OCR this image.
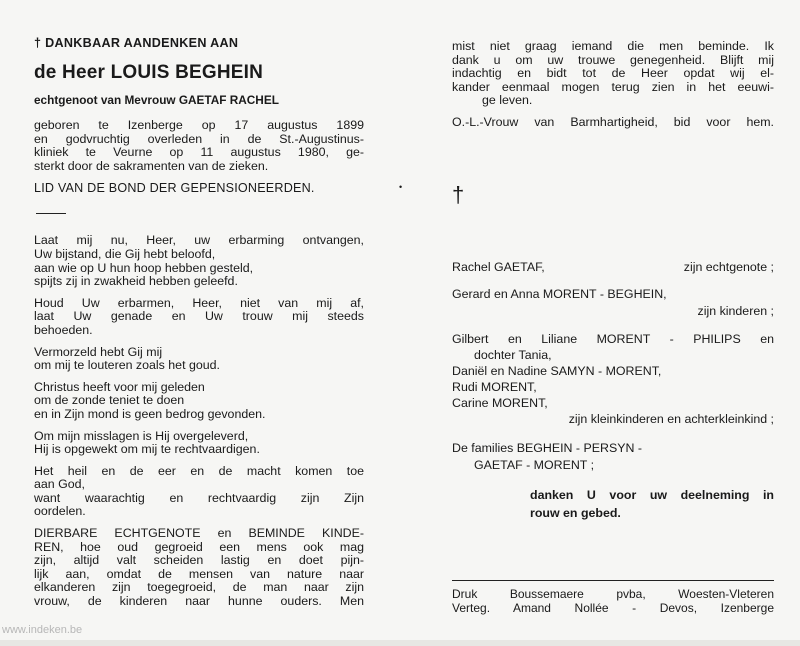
† DANKBAAR AANDENKEN AAN
de Heer LOUIS BEGHEIN
echtgenoot van Mevrouw GAETAF RACHEL
geboren te Izenberge op 17 augustus 1899
en godvruchtig overleden in de St.-Augustinus-
kliniek te Veurne op 11 augustus 1980, ge-
sterkt door de sakramenten van de zieken.
LID VAN DE BOND DER GEPENSIONEERDEN.
Laat mij nu, Heer, uw erbarming ontvangen,
Uw bijstand, die Gij hebt beloofd,
aan wie op U hun hoop hebben gesteld,
spijts zij in zwakheid hebben geleefd.
Houd Uw erbarmen, Heer, niet van mij af,
laat Uw genade en Uw trouw mij steeds
behoeden.
Vermorzeld hebt Gij mij
om mij te louteren zoals het goud.
Christus heeft voor mij geleden
om de zonde teniet te doen
en in Zijn mond is geen bedrog gevonden.
Om mijn misslagen is Hij overgeleverd,
Hij is opgewekt om mij te rechtvaardigen.
Het heil en de eer en de macht komen toe
aan God,
want waarachtig en rechtvaardig zijn Zijn
oordelen.
DIERBARE ECHTGENOTE en BEMINDE KINDE-
REN, hoe oud gegroeid een mens ook mag
zijn, altijd valt scheiden lastig en doet pijn-
lijk aan, omdat de mensen van nature naar
elkanderen zijn toegegroeid, de man naar zijn
vrouw, de kinderen naar hunne ouders. Men
•
mist niet graag iemand die men beminde. Ik
dank u om uw trouwe genegenheid. Blijft mij
indachtig en bidt tot de Heer opdat wij el-
kander eenmaal mogen terug zien in het eeuwi-
ge leven.
O.-L.-Vrouw van Barmhartigheid, bid voor hem.
†
Rachel GAETAF,	zijn echtgenote ;
Gerard en Anna MORENT - BEGHEIN,
zijn kinderen ;
Gilbert en Liliane MORENT - PHILIPS en
dochter Tania,
Daniël en Nadine SAMYN - MORENT,
Rudi MORENT,
Carine MORENT,
zijn kleinkinderen en achterkleinkind ;
De families BEGHEIN - PERSYN -
GAETAF - MORENT ;
danken U voor uw deelneming in
rouw en gebed.
Druk Boussemaere pvba, Woesten-Vleteren
Verteg. Amand Nollée - Devos, Izenberge
www.indeken.be
